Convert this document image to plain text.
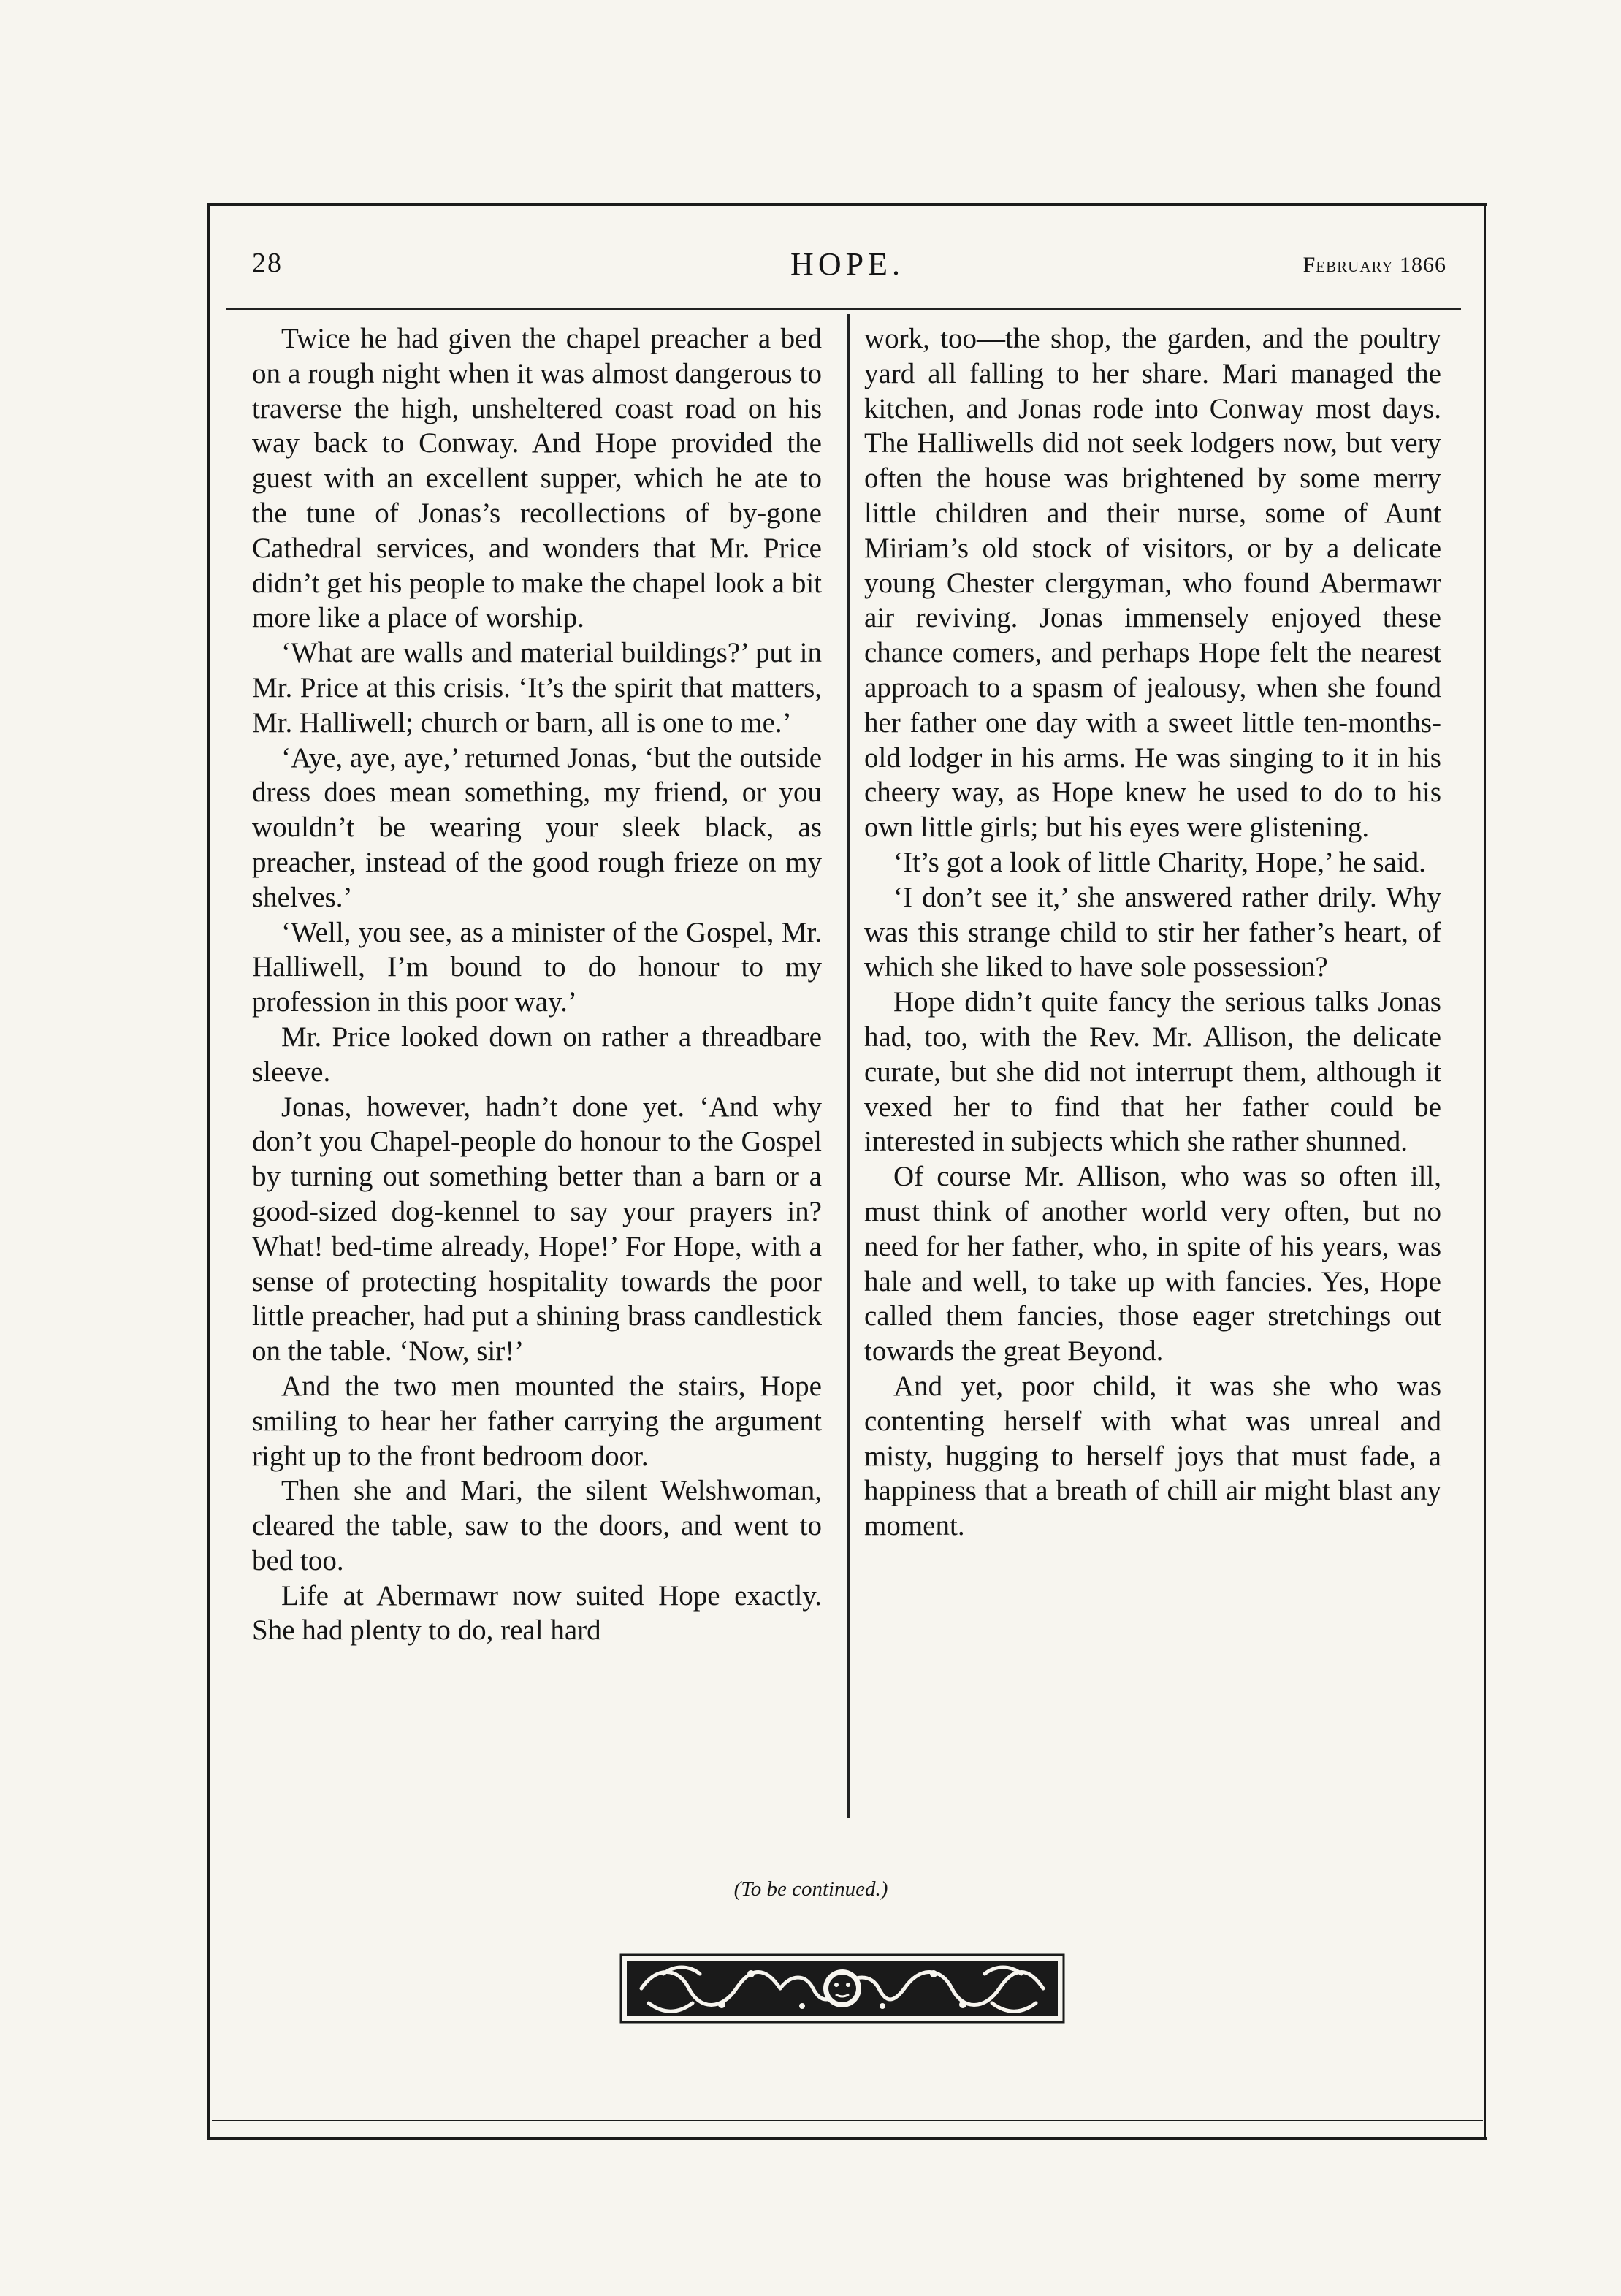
28	HOPE.	February 1866

Twice he had given the chapel preacher a bed on a rough night when it was almost dangerous to traverse the high, unsheltered coast road on his way back to Conway. And Hope provided the guest with an excellent supper, which he ate to the tune of Jonas’s recollections of by-gone Cathedral services, and wonders that Mr. Price didn’t get his people to make the chapel look a bit more like a place of worship.

‘What are walls and material buildings?’ put in Mr. Price at this crisis. ‘It’s the spirit that matters, Mr. Halliwell; church or barn, all is one to me.’

‘Aye, aye, aye,’ returned Jonas, ‘but the outside dress does mean something, my friend, or you wouldn’t be wearing your sleek black, as preacher, instead of the good rough frieze on my shelves.’

‘Well, you see, as a minister of the Gospel, Mr. Halliwell, I’m bound to do honour to my profession in this poor way.’

Mr. Price looked down on rather a threadbare sleeve.

Jonas, however, hadn’t done yet. ‘And why don’t you Chapel-people do honour to the Gospel by turning out something better than a barn or a good-sized dog-kennel to say your prayers in? What! bed-time already, Hope!’ For Hope, with a sense of protecting hospitality towards the poor little preacher, had put a shining brass candlestick on the table. ‘Now, sir!’

And the two men mounted the stairs, Hope smiling to hear her father carrying the argument right up to the front bedroom door.

Then she and Mari, the silent Welshwoman, cleared the table, saw to the doors, and went to bed too.

Life at Abermawr now suited Hope exactly. She had plenty to do, real hard

work, too—the shop, the garden, and the poultry yard all falling to her share. Mari managed the kitchen, and Jonas rode into Conway most days. The Halliwells did not seek lodgers now, but very often the house was brightened by some merry little children and their nurse, some of Aunt Miriam’s old stock of visitors, or by a delicate young Chester clergyman, who found Abermawr air reviving. Jonas immensely enjoyed these chance comers, and perhaps Hope felt the nearest approach to a spasm of jealousy, when she found her father one day with a sweet little ten-months-old lodger in his arms. He was singing to it in his cheery way, as Hope knew he used to do to his own little girls; but his eyes were glistening.

‘It’s got a look of little Charity, Hope,’ he said.

‘I don’t see it,’ she answered rather drily. Why was this strange child to stir her father’s heart, of which she liked to have sole possession?

Hope didn’t quite fancy the serious talks Jonas had, too, with the Rev. Mr. Allison, the delicate curate, but she did not interrupt them, although it vexed her to find that her father could be interested in subjects which she rather shunned.

Of course Mr. Allison, who was so often ill, must think of another world very often, but no need for her father, who, in spite of his years, was hale and well, to take up with fancies. Yes, Hope called them fancies, those eager stretchings out towards the great Beyond.

And yet, poor child, it was she who was contenting herself with what was unreal and misty, hugging to herself joys that must fade, a happiness that a breath of chill air might blast any moment.

(To be continued.)
